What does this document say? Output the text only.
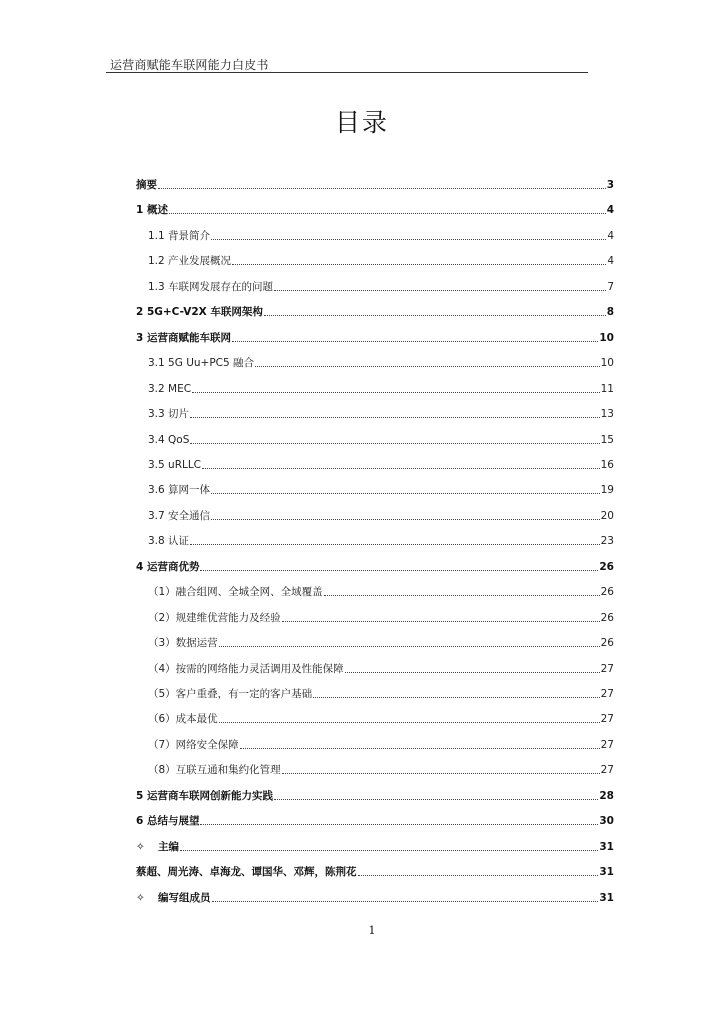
运营商赋能车联网能力白皮书
目录
摘要	3
1 概述	4
1.1 背景简介	4
1.2 产业发展概况	4
1.3 车联网发展存在的问题	7
2 5G+C-V2X 车联网架构	8
3 运营商赋能车联网	10
3.1 5G Uu+PC5 融合	10
3.2 MEC	11
3.3 切片	13
3.4 QoS	15
3.5 uRLLC	16
3.6 算网一体	19
3.7 安全通信	20
3.8 认证	23
4 运营商优势	26
（1）融合组网、全城全网、全域覆盖	26
（2）规建维优营能力及经验	26
（3）数据运营	26
（4）按需的网络能力灵活调用及性能保障	27
（5）客户重叠，有一定的客户基础	27
（6）成本最优	27
（7）网络安全保障	27
（8）互联互通和集约化管理	27
5 运营商车联网创新能力实践	28
6 总结与展望	30
✧	主编	31
蔡超、周光涛、卓海龙、谭国华、邓辉，陈荆花	31
✧	编写组成员	31
1
